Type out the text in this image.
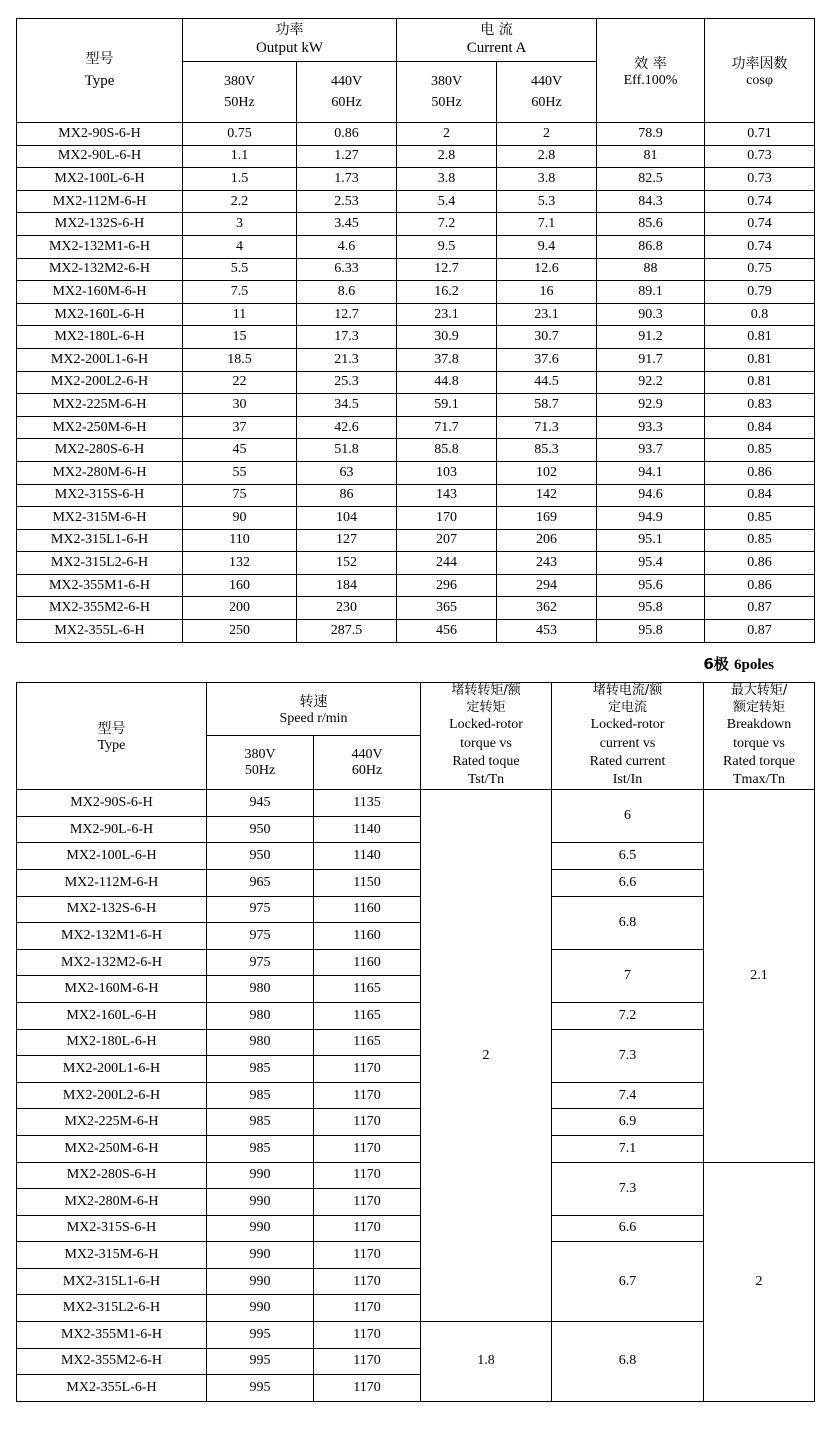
型号
Type

功率
Output kW

电 流
Current A

效 率
Eff.100%

功率因数
cosφ

380V
50Hz

440V
60Hz

380V
50Hz

440V
60Hz

MX2-90S-6-H	0.75	0.86	2	2	78.9	0.71
MX2-90L-6-H	1.1	1.27	2.8	2.8	81	0.73
MX2-100L-6-H	1.5	1.73	3.8	3.8	82.5	0.73
MX2-112M-6-H	2.2	2.53	5.4	5.3	84.3	0.74
MX2-132S-6-H	3	3.45	7.2	7.1	85.6	0.74
MX2-132M1-6-H	4	4.6	9.5	9.4	86.8	0.74
MX2-132M2-6-H	5.5	6.33	12.7	12.6	88	0.75
MX2-160M-6-H	7.5	8.6	16.2	16	89.1	0.79
MX2-160L-6-H	11	12.7	23.1	23.1	90.3	0.8
MX2-180L-6-H	15	17.3	30.9	30.7	91.2	0.81
MX2-200L1-6-H	18.5	21.3	37.8	37.6	91.7	0.81
MX2-200L2-6-H	22	25.3	44.8	44.5	92.2	0.81
MX2-225M-6-H	30	34.5	59.1	58.7	92.9	0.83
MX2-250M-6-H	37	42.6	71.7	71.3	93.3	0.84
MX2-280S-6-H	45	51.8	85.8	85.3	93.7	0.85
MX2-280M-6-H	55	63	103	102	94.1	0.86
MX2-315S-6-H	75	86	143	142	94.6	0.84
MX2-315M-6-H	90	104	170	169	94.9	0.85
MX2-315L1-6-H	110	127	207	206	95.1	0.85
MX2-315L2-6-H	132	152	244	243	95.4	0.86
MX2-355M1-6-H	160	184	296	294	95.6	0.86
MX2-355M2-6-H	200	230	365	362	95.8	0.87
MX2-355L-6-H	250	287.5	456	453	95.8	0.87
6极 6poles
型号
Type

转速
Speed r/min

堵转转矩/额
定转矩
Locked-rotor
torque vs
Rated toque
Tst/Tn

堵转电流/额
定电流
Locked-rotor
current vs
Rated current
Ist/In

最大转矩/
额定转矩
Breakdown
torque vs
Rated torque
Tmax/Tn

380V
50Hz

440V
60Hz

MX2-90S-6-H	945	1135	2	6	2.1
MX2-90L-6-H	950	1140			
MX2-100L-6-H	950	1140		6.5	
MX2-112M-6-H	965	1150		6.6	
MX2-132S-6-H	975	1160		6.8	
MX2-132M1-6-H	975	1160			
MX2-132M2-6-H	975	1160		7	
MX2-160M-6-H	980	1165			
MX2-160L-6-H	980	1165		7.2	
MX2-180L-6-H	980	1165		7.3	
MX2-200L1-6-H	985	1170			
MX2-200L2-6-H	985	1170		7.4	
MX2-225M-6-H	985	1170		6.9	
MX2-250M-6-H	985	1170		7.1	
MX2-280S-6-H	990	1170		7.3	2
MX2-280M-6-H	990	1170			
MX2-315S-6-H	990	1170		6.6	
MX2-315M-6-H	990	1170		6.7	
MX2-315L1-6-H	990	1170			
MX2-315L2-6-H	990	1170			
MX2-355M1-6-H	995	1170	1.8	6.8	
MX2-355M2-6-H	995	1170			
MX2-355L-6-H	995	1170			
